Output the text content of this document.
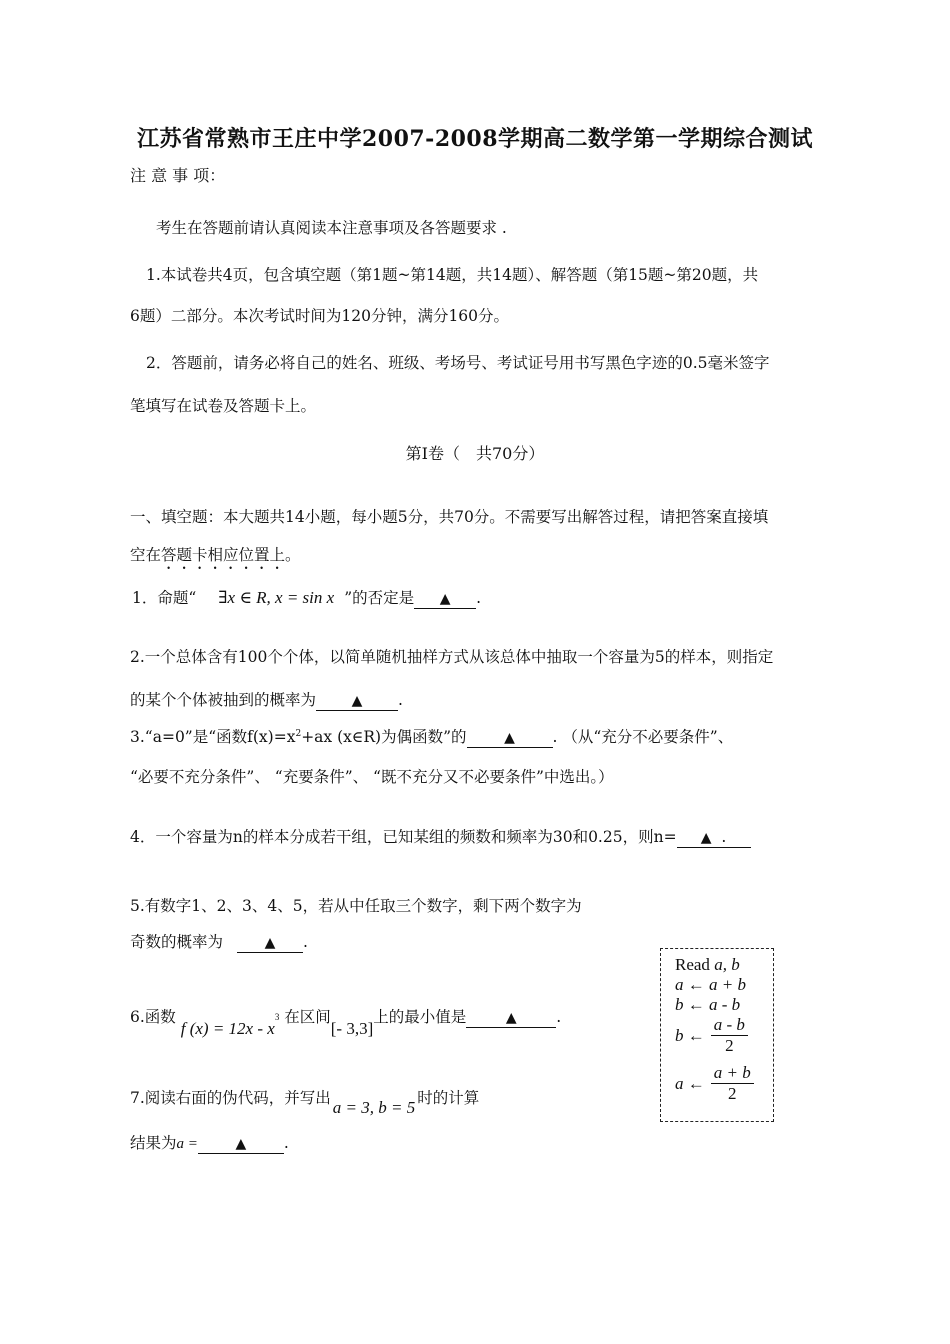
江苏省常熟市王庄中学2007-2008学期高二数学第一学期综合测试
注 意 事 项：
考生在答题前请认真阅读本注意事项及各答题要求 .
1.本试卷共4页，包含填空题（第1题~第14题，共14题）、解答题（第15题~第20题，共
6题）二部分。本次考试时间为120分钟，满分160分。
2．答题前，请务必将自己的姓名、班级、考场号、考试证号用书写黑色字迹的0.5毫米签字
笔填写在试卷及答题卡上。
第Ⅰ卷（　共70分）
一、填空题：本大题共14小题，每小题5分，共70分。不需要写出解答过程，请把答案直接填
空在答题卡相应位置上。
1．命题“ ∃x ∈ R, x = sin x ”的否定是 ▲ .
2.一个总体含有100个个体，以简单随机抽样方式从该总体中抽取一个容量为5的样本，则指定
的某个个体被抽到的概率为	▲ .
3.“a=0”是“函数$f(x)=x^2+ax$ (x∈R)为偶函数”的	▲ . （从“充分不必要条件”、
“必要不充分条件”、 “充要条件”、 “既不充分又不必要条件”中选出。）
4．一个容量为n的样本分成若干组，已知某组的频数和频率为30和0.25，则n= ▲ .
5.有数字1、2、3、4、5，若从中任取三个数字，剩下两个数字为
奇数的概率为	▲ .
6.函数 f $(x) = 12x - x^3$ 在区间[- 3,3]上的最小值是	▲	.
7.阅读右面的伪代码，并写出 a = 3, b = 5 时的计算
结果为a =	▲ .
Read a, b
a ← a + b
b ← a - b
b ← $\frac{a - b}{2}$
a ← $\frac{a + b}{2}$
